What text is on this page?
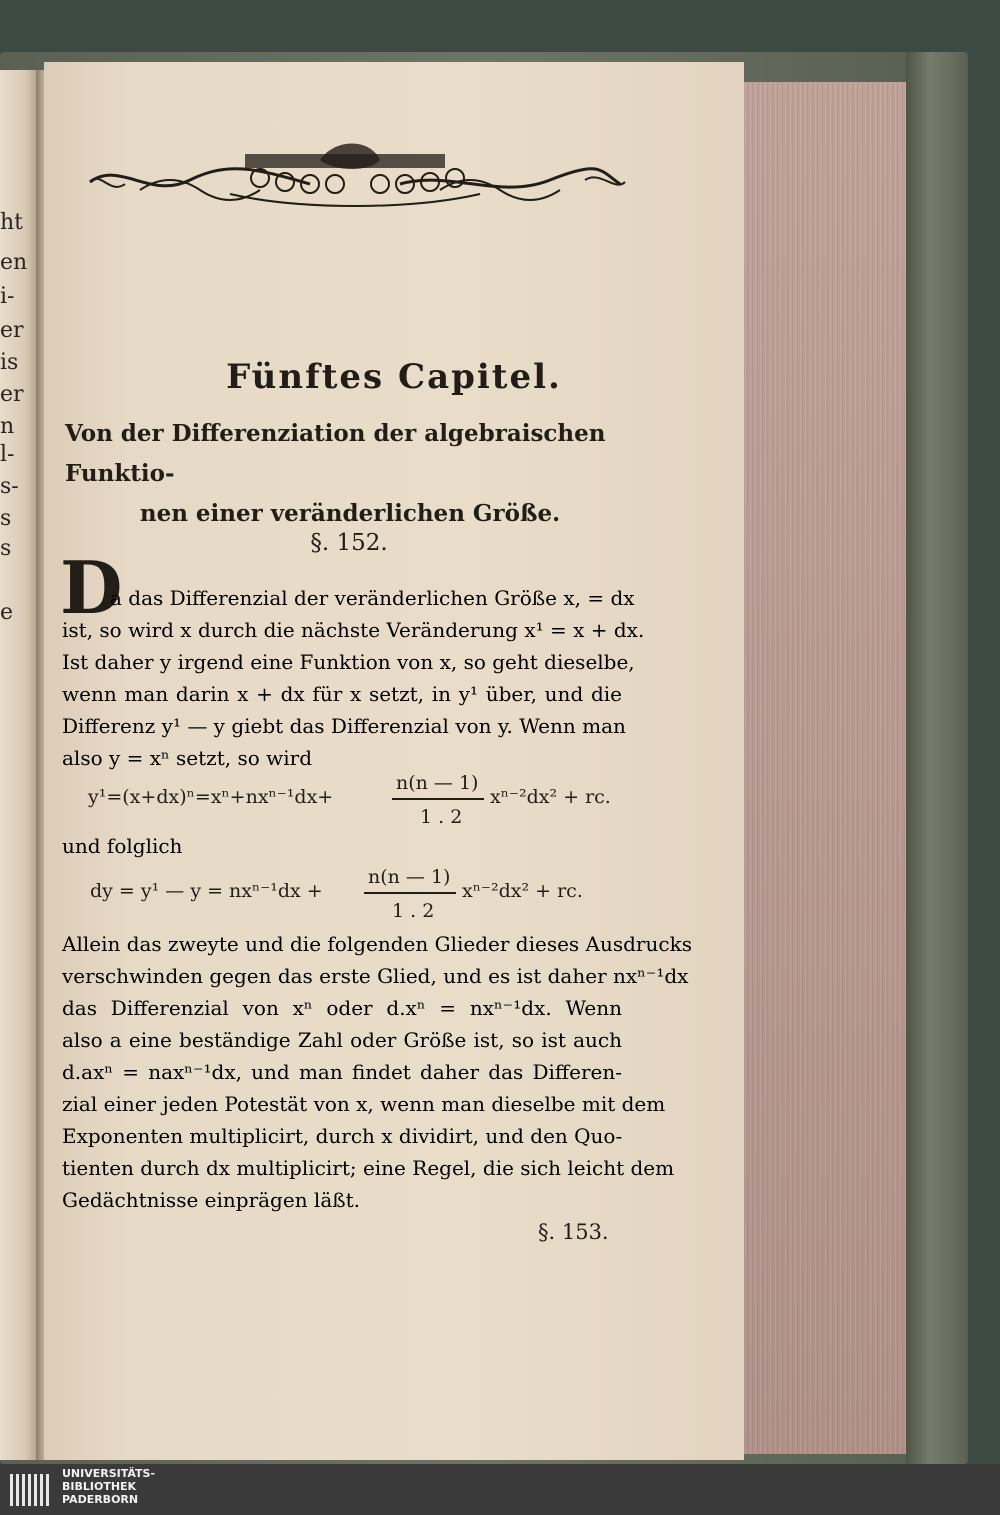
ht
en
i-
er
is
er
n
l-
s-
s
s
e
Fünftes Capitel.
Von der Differenziation der algebraischen Funktio-
nen einer veränderlichen Größe.
§. 152.
D
a das Differenzial der veränderlichen Größe x, = dx
ist, so wird x durch die nächste Veränderung x¹ = x + dx.
Ist daher y irgend eine Funktion von x, so geht dieselbe,
wenn man darin x + dx für x setzt, in y¹ über, und die
Differenz y¹ — y giebt das Differenzial von y. Wenn man
also y = xⁿ setzt, so wird
y¹=(x+dx)ⁿ=xⁿ+nxⁿ⁻¹dx+
n(n — 1)
1 . 2
xⁿ⁻²dx² + rc.
und folglich
dy = y¹ — y = nxⁿ⁻¹dx +
n(n — 1)
1 . 2
xⁿ⁻²dx² + rc.
Allein das zweyte und die folgenden Glieder dieses Ausdrucks
verschwinden gegen das erste Glied, und es ist daher nxⁿ⁻¹dx
das Differenzial von xⁿ oder d.xⁿ = nxⁿ⁻¹dx. Wenn
also a eine beständige Zahl oder Größe ist, so ist auch
d.axⁿ = naxⁿ⁻¹dx, und man findet daher das Differen-
zial einer jeden Potestät von x, wenn man dieselbe mit dem
Exponenten multiplicirt, durch x dividirt, und den Quo-
tienten durch dx multiplicirt; eine Regel, die sich leicht dem
Gedächtnisse einprägen läßt.
§. 153.
UNIVERSITÄTS-
BIBLIOTHEK
PADERBORN
